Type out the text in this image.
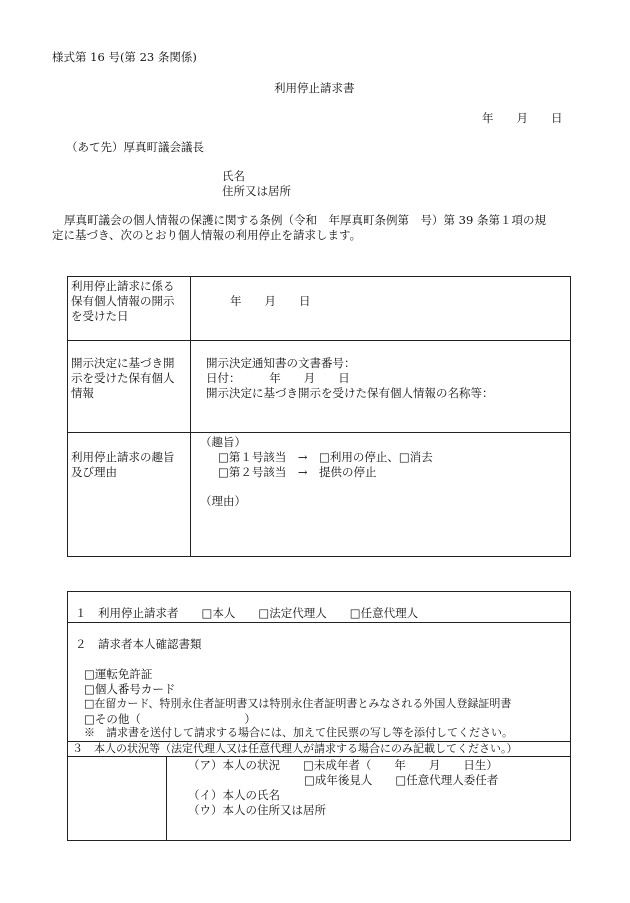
様式第 16 号(第 23 条関係)
利用停止請求書
年　　月　　日
（あて先）厚真町議会議長
氏名
住所又は居所
厚真町議会の個人情報の保護に関する条例（令和　年厚真町条例第　号）第 39 条第１項の規
定に基づき、次のとおり個人情報の利用停止を請求します。
利用停止請求に係る
保有個人情報の開示
を受けた日
年　　月　　日
開示決定に基づき開
示を受けた保有個人
情報
開示決定通知書の文書番号：
日付：　　　年　　月　　日
開示決定に基づき開示を受けた保有個人情報の名称等：
利用停止請求の趣旨
及び理由
（趣旨）
□第１号該当　→　□利用の停止、□消去
□第２号該当　→　提供の停止
（理由）
１　利用停止請求者　　□本人　　□法定代理人　　□任意代理人
２　請求者本人確認書類
□運転免許証
□個人番号カード
□在留カード、特別永住者証明書又は特別永住者証明書とみなされる外国人登録証明書
□その他（　　　　　　　　　）
※　請求書を送付して請求する場合には、加えて住民票の写し等を添付してください。
３　本人の状況等（法定代理人又は任意代理人が請求する場合にのみ記載してください。）
（ア）本人の状況　　□未成年者（　　年　　月　　日生）
□成年後見人　　□任意代理人委任者
（イ）本人の氏名
（ウ）本人の住所又は居所
